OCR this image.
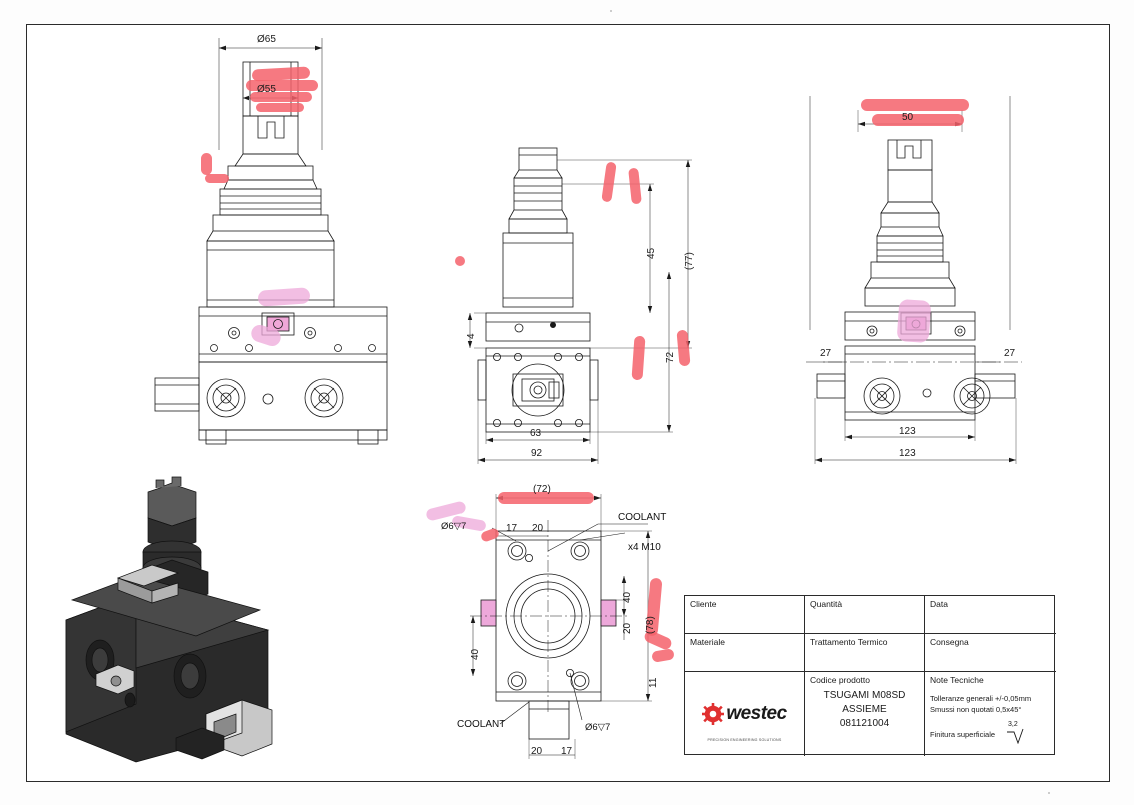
Ø65
Ø55
4
45	(77)
72
63
92
50
27	27
123
123
(72)
17 20
40
20 (78)
40
11
20 17
COOLANT
COOLANT
x4 M10
Ø6▽7
Ø6▽7
Cliente	Quantità	Data
Materiale	Trattamento Termico	Consegna
westec
PRECISION ENGINEERING SOLUTIONS
Codice prodotto
TSUGAMI M08SD
ASSIEME
081121004
Note Tecniche
Tolleranze generali +/-0,05mm
Smussi non quotati 0,5x45°
Finitura superficiale
3,2
